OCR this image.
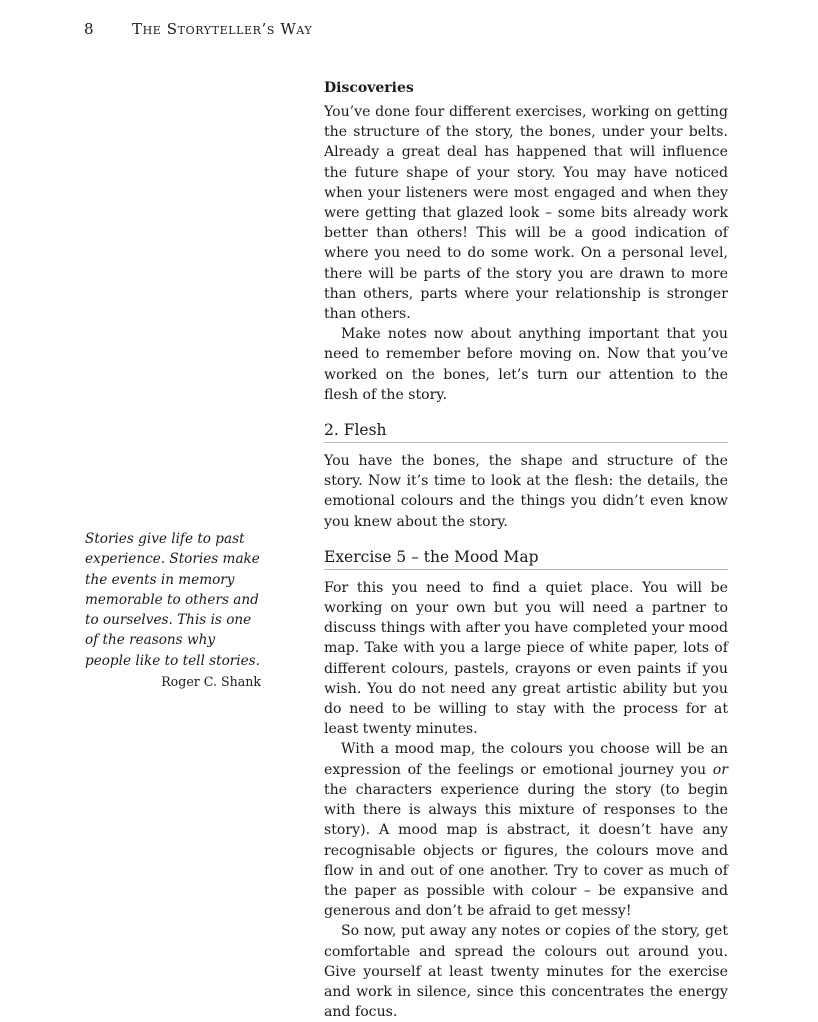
8	The Storyteller’s Way
Discoveries

You’ve done four different exercises, working on getting the structure of the story, the bones, under your belts. Already a great deal has happened that will influence the future shape of your story. You may have noticed when your listeners were most engaged and when they were getting that glazed look – some bits already work better than others! This will be a good indication of where you need to do some work. On a personal level, there will be parts of the story you are drawn to more than others, parts where your relationship is stronger than others.

Make notes now about anything important that you need to remember before moving on. Now that you’ve worked on the bones, let’s turn our attention to the flesh of the story.

2. Flesh

You have the bones, the shape and structure of the story. Now it’s time to look at the flesh: the details, the emotional colours and the things you didn’t even know you knew about the story.

Exercise 5 – the Mood Map

For this you need to find a quiet place. You will be working on your own but you will need a partner to discuss things with after you have completed your mood map. Take with you a large piece of white paper, lots of different colours, pastels, crayons or even paints if you wish. You do not need any great artistic ability but you do need to be willing to stay with the process for at least twenty minutes.

With a mood map, the colours you choose will be an expression of the feelings or emotional journey you or the characters experience during the story (to begin with there is always this mixture of responses to the story). A mood map is abstract, it doesn’t have any recognisable objects or figures, the colours move and flow in and out of one another. Try to cover as much of the paper as possible with colour – be expansive and generous and don’t be afraid to get messy!

So now, put away any notes or copies of the story, get comfortable and spread the colours out around you. Give yourself at least twenty minutes for the exercise and work in silence, since this concentrates the energy and focus.

Stories give life to past experience. Stories make the events in memory memorable to others and to ourselves. This is one of the reasons why people like to tell stories.

Roger C. Shank
